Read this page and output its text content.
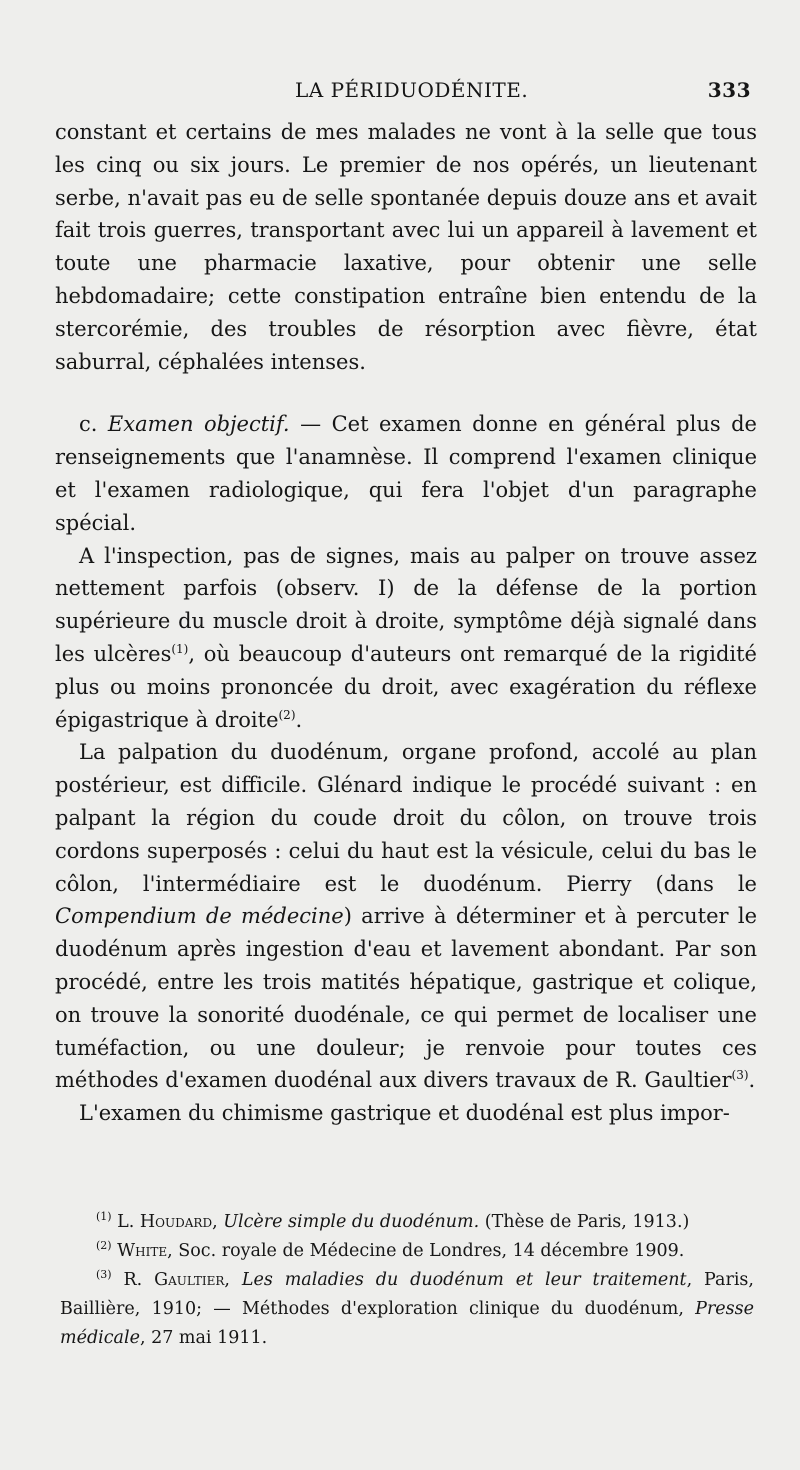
LA PÉRIDUODÉNITE.	333

constant et certains de mes malades ne vont à la selle que tous les cinq ou six jours. Le premier de nos opérés, un lieutenant serbe, n'avait pas eu de selle spontanée depuis douze ans et avait fait trois guerres, transportant avec lui un appareil à lavement et toute une pharmacie laxative, pour obtenir une selle hebdomadaire; cette constipation entraîne bien entendu de la stercorémie, des troubles de résorption avec fièvre, état saburral, céphalées intenses.

c. Examen objectif. — Cet examen donne en général plus de renseignements que l'anamnèse. Il comprend l'examen clinique et l'examen radiologique, qui fera l'objet d'un paragraphe spécial.

A l'inspection, pas de signes, mais au palper on trouve assez nettement parfois (observ. I) de la défense de la portion supérieure du muscle droit à droite, symptôme déjà signalé dans les ulcères$^{(1)}$, où beaucoup d'auteurs ont remarqué de la rigidité plus ou moins prononcée du droit, avec exagération du réflexe épigastrique à droite$^{(2)}$.

La palpation du duodénum, organe profond, accolé au plan postérieur, est difficile. Glénard indique le procédé suivant : en palpant la région du coude droit du côlon, on trouve trois cordons superposés : celui du haut est la vésicule, celui du bas le côlon, l'intermédiaire est le duodénum. Pierry (dans le Compendium de médecine) arrive à déterminer et à percuter le duodénum après ingestion d'eau et lavement abondant. Par son procédé, entre les trois matités hépatique, gastrique et colique, on trouve la sonorité duodénale, ce qui permet de localiser une tuméfaction, ou une douleur; je renvoie pour toutes ces méthodes d'examen duodénal aux divers travaux de R. Gaultier$^{(3)}$.

L'examen du chimisme gastrique et duodénal est plus impor-

$^{(1)}$ L. Houdard, Ulcère simple du duodénum. (Thèse de Paris, 1913.)

$^{(2)}$ White, Soc. royale de Médecine de Londres, 14 décembre 1909.

$^{(3)}$ R. Gaultier, Les maladies du duodénum et leur traitement, Paris, Baillière, 1910; — Méthodes d'exploration clinique du duodénum, Presse médicale, 27 mai 1911.
